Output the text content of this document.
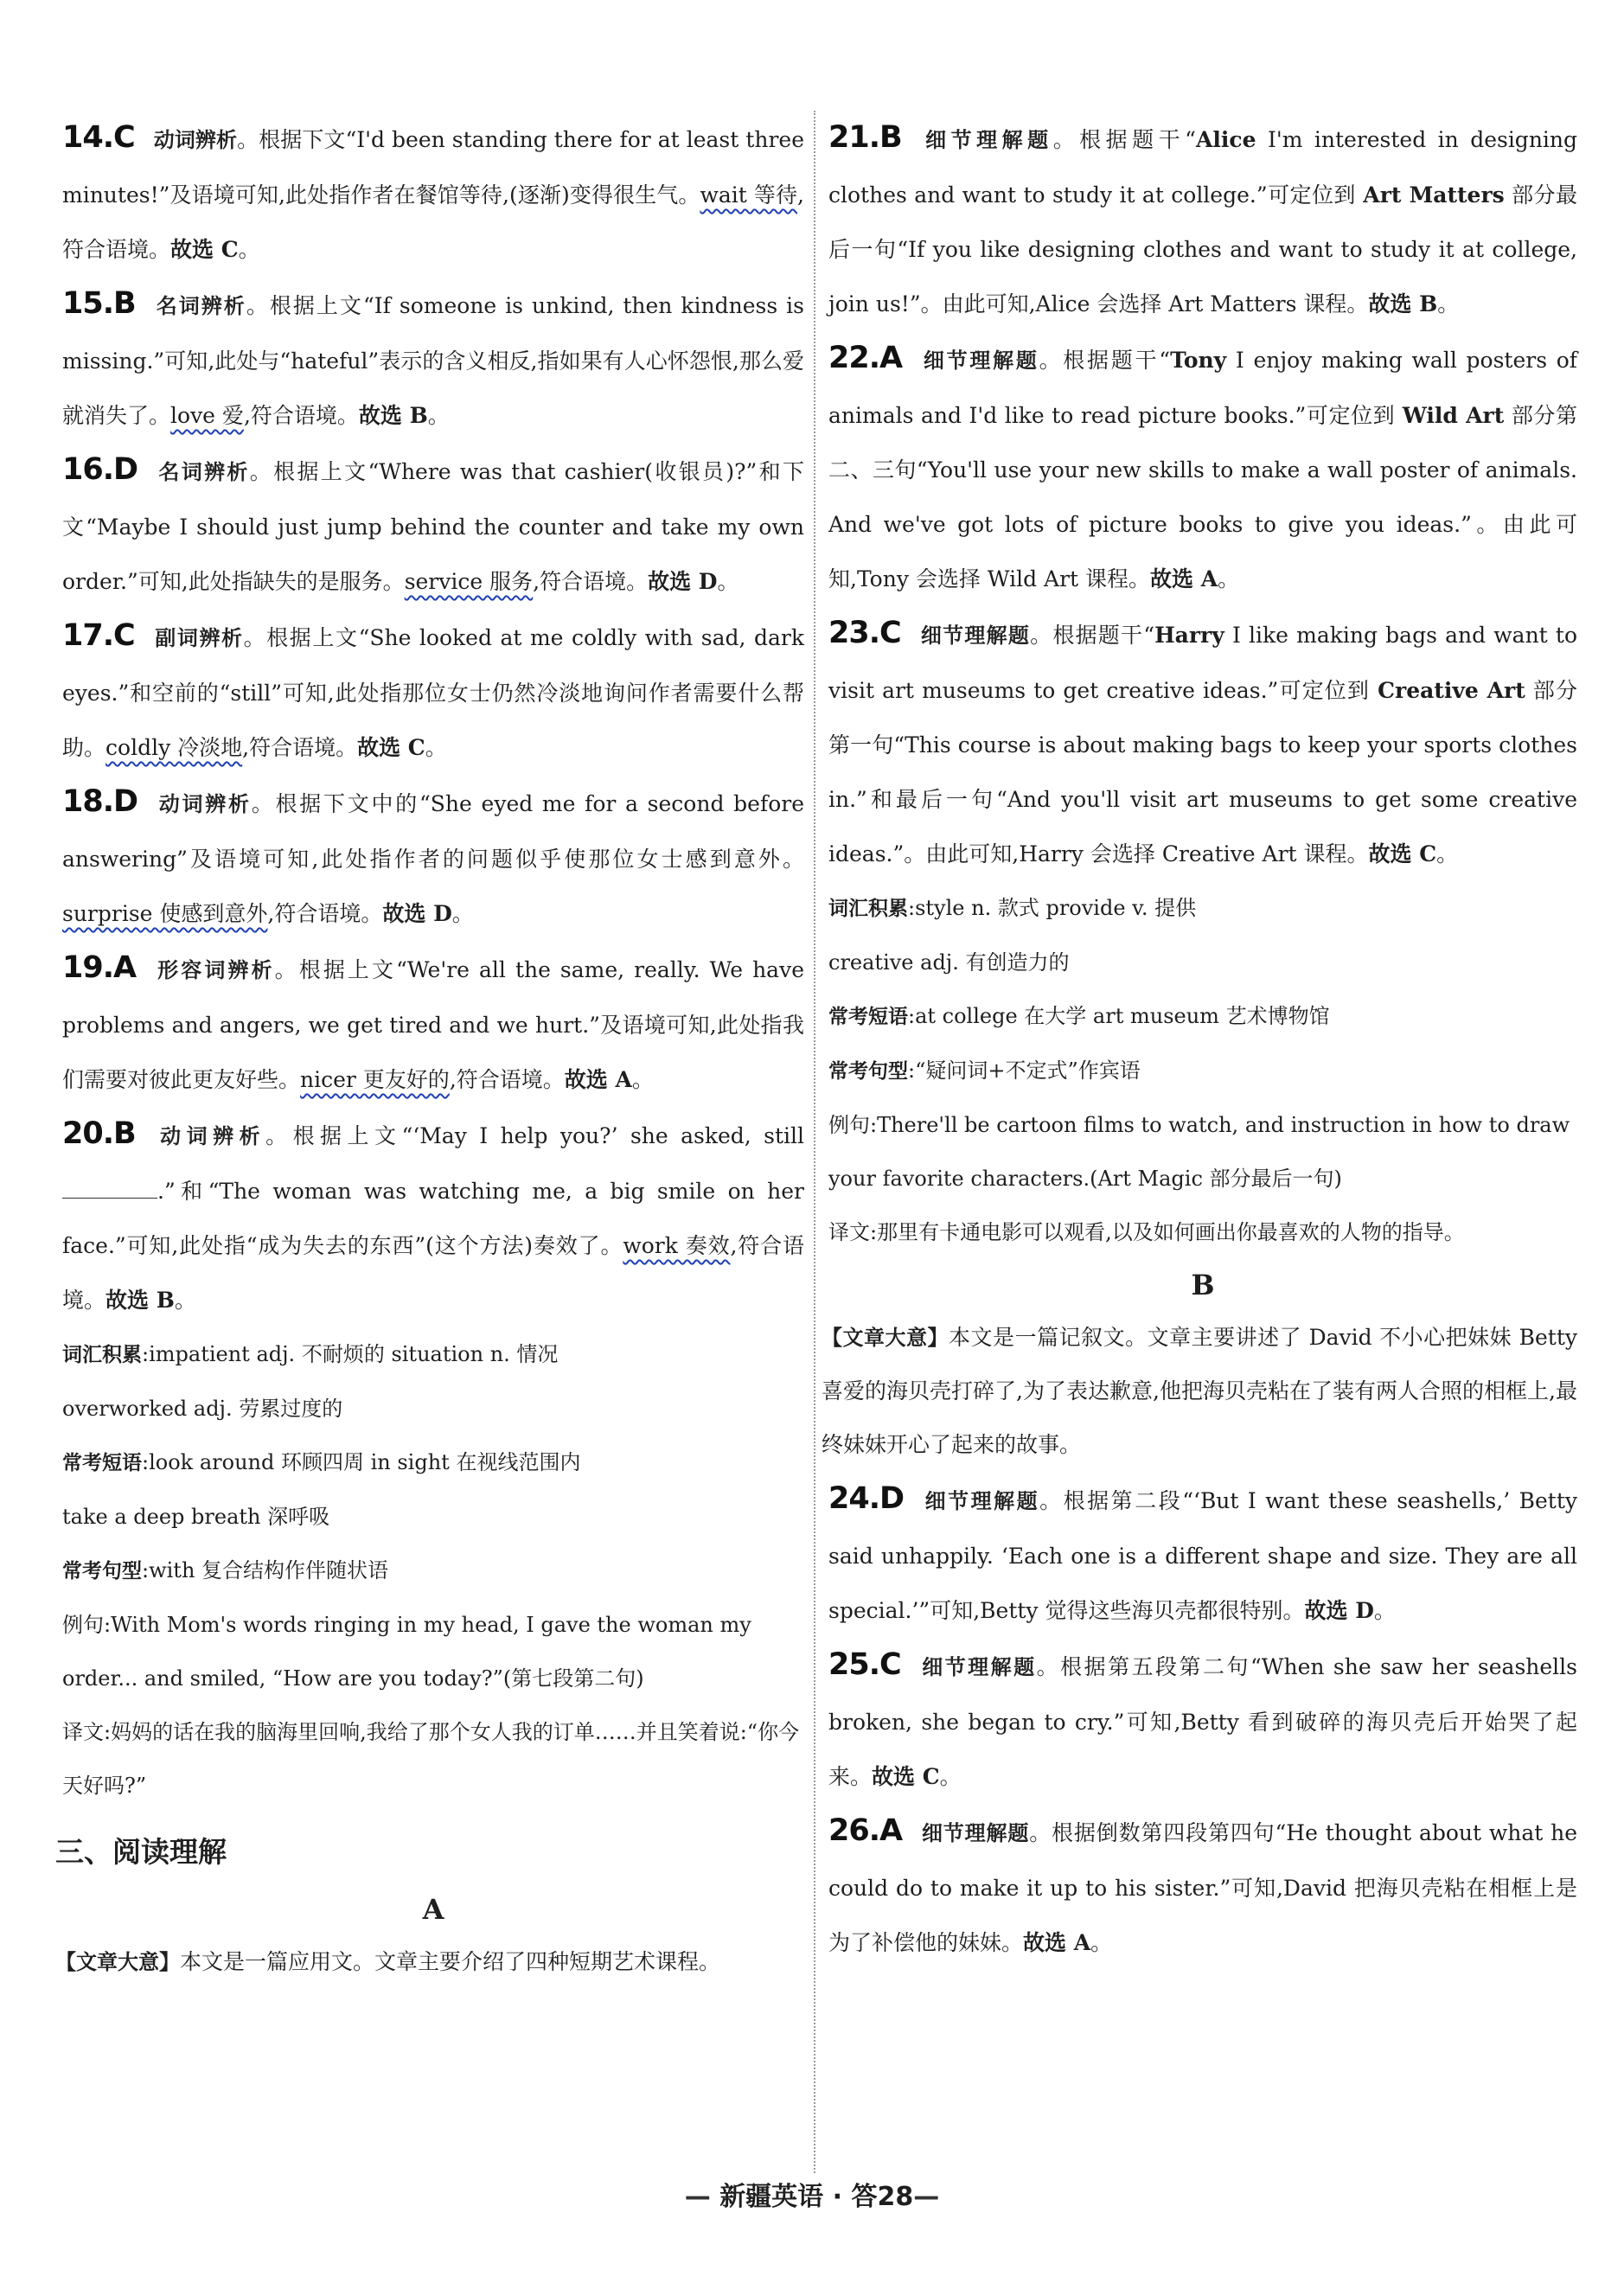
14.C 动词辨析。根据下文“I'd been standing there for at least three minutes!”及语境可知,此处指作者在餐馆等待,(逐渐)变得很生气。wait 等待,符合语境。故选 C。
15.B 名词辨析。根据上文“If someone is unkind, then kindness is missing.”可知,此处与“hateful”表示的含义相反,指如果有人心怀怨恨,那么爱就消失了。love 爱,符合语境。故选 B。
16.D 名词辨析。根据上文“Where was that cashier(收银员)?”和下文“Maybe I should just jump behind the counter and take my own order.”可知,此处指缺失的是服务。service 服务,符合语境。故选 D。
17.C 副词辨析。根据上文“She looked at me coldly with sad, dark eyes.”和空前的“still”可知,此处指那位女士仍然冷淡地询问作者需要什么帮助。coldly 冷淡地,符合语境。故选 C。
18.D 动词辨析。根据下文中的“She eyed me for a second before answering”及语境可知,此处指作者的问题似乎使那位女士感到意外。surprise 使感到意外,符合语境。故选 D。
19.A 形容词辨析。根据上文“We're all the same, really. We have problems and angers, we get tired and we hurt.”及语境可知,此处指我们需要对彼此更友好些。nicer 更友好的,符合语境。故选 A。
20.B 动词辨析。根据上文“‘May I help you?’ she asked, still .”和“The woman was watching me, a big smile on her face.”可知,此处指“成为失去的东西”(这个方法)奏效了。work 奏效,符合语境。故选 B。
词汇积累:impatient adj. 不耐烦的 situation n. 情况
overworked adj. 劳累过度的
常考短语:look around 环顾四周 in sight 在视线范围内
take a deep breath 深呼吸
常考句型:with 复合结构作伴随状语
例句:With Mom's words ringing in my head, I gave the woman my order... and smiled, “How are you today?”(第七段第二句)
译文:妈妈的话在我的脑海里回响,我给了那个女人我的订单……并且笑着说:“你今天好吗?”
三、阅读理解
A
【文章大意】本文是一篇应用文。文章主要介绍了四种短期艺术课程。
21.B 细节理解题。根据题干“Alice I'm interested in designing clothes and want to study it at college.”可定位到 Art Matters 部分最后一句“If you like designing clothes and want to study it at college, join us!”。由此可知,Alice 会选择 Art Matters 课程。故选 B。
22.A 细节理解题。根据题干“Tony I enjoy making wall posters of animals and I'd like to read picture books.”可定位到 Wild Art 部分第二、三句“You'll use your new skills to make a wall poster of animals. And we've got lots of picture books to give you ideas.”。由此可知,Tony 会选择 Wild Art 课程。故选 A。
23.C 细节理解题。根据题干“Harry I like making bags and want to visit art museums to get creative ideas.”可定位到 Creative Art 部分第一句“This course is about making bags to keep your sports clothes in.”和最后一句“And you'll visit art museums to get some creative ideas.”。由此可知,Harry 会选择 Creative Art 课程。故选 C。
词汇积累:style n. 款式 provide v. 提供
creative adj. 有创造力的
常考短语:at college 在大学 art museum 艺术博物馆
常考句型:“疑问词+不定式”作宾语
例句:There'll be cartoon films to watch, and instruction in how to draw your favorite characters.(Art Magic 部分最后一句)
译文:那里有卡通电影可以观看,以及如何画出你最喜欢的人物的指导。
B
【文章大意】本文是一篇记叙文。文章主要讲述了 David 不小心把妹妹 Betty 喜爱的海贝壳打碎了,为了表达歉意,他把海贝壳粘在了装有两人合照的相框上,最终妹妹开心了起来的故事。
24.D 细节理解题。根据第二段“‘But I want these seashells,’ Betty said unhappily. ‘Each one is a different shape and size. They are all special.’”可知,Betty 觉得这些海贝壳都很特别。故选 D。
25.C 细节理解题。根据第五段第二句“When she saw her seashells broken, she began to cry.”可知,Betty 看到破碎的海贝壳后开始哭了起来。故选 C。
26.A 细节理解题。根据倒数第四段第四句“He thought about what he could do to make it up to his sister.”可知,David 把海贝壳粘在相框上是为了补偿他的妹妹。故选 A。
— 新疆英语 · 答28—
